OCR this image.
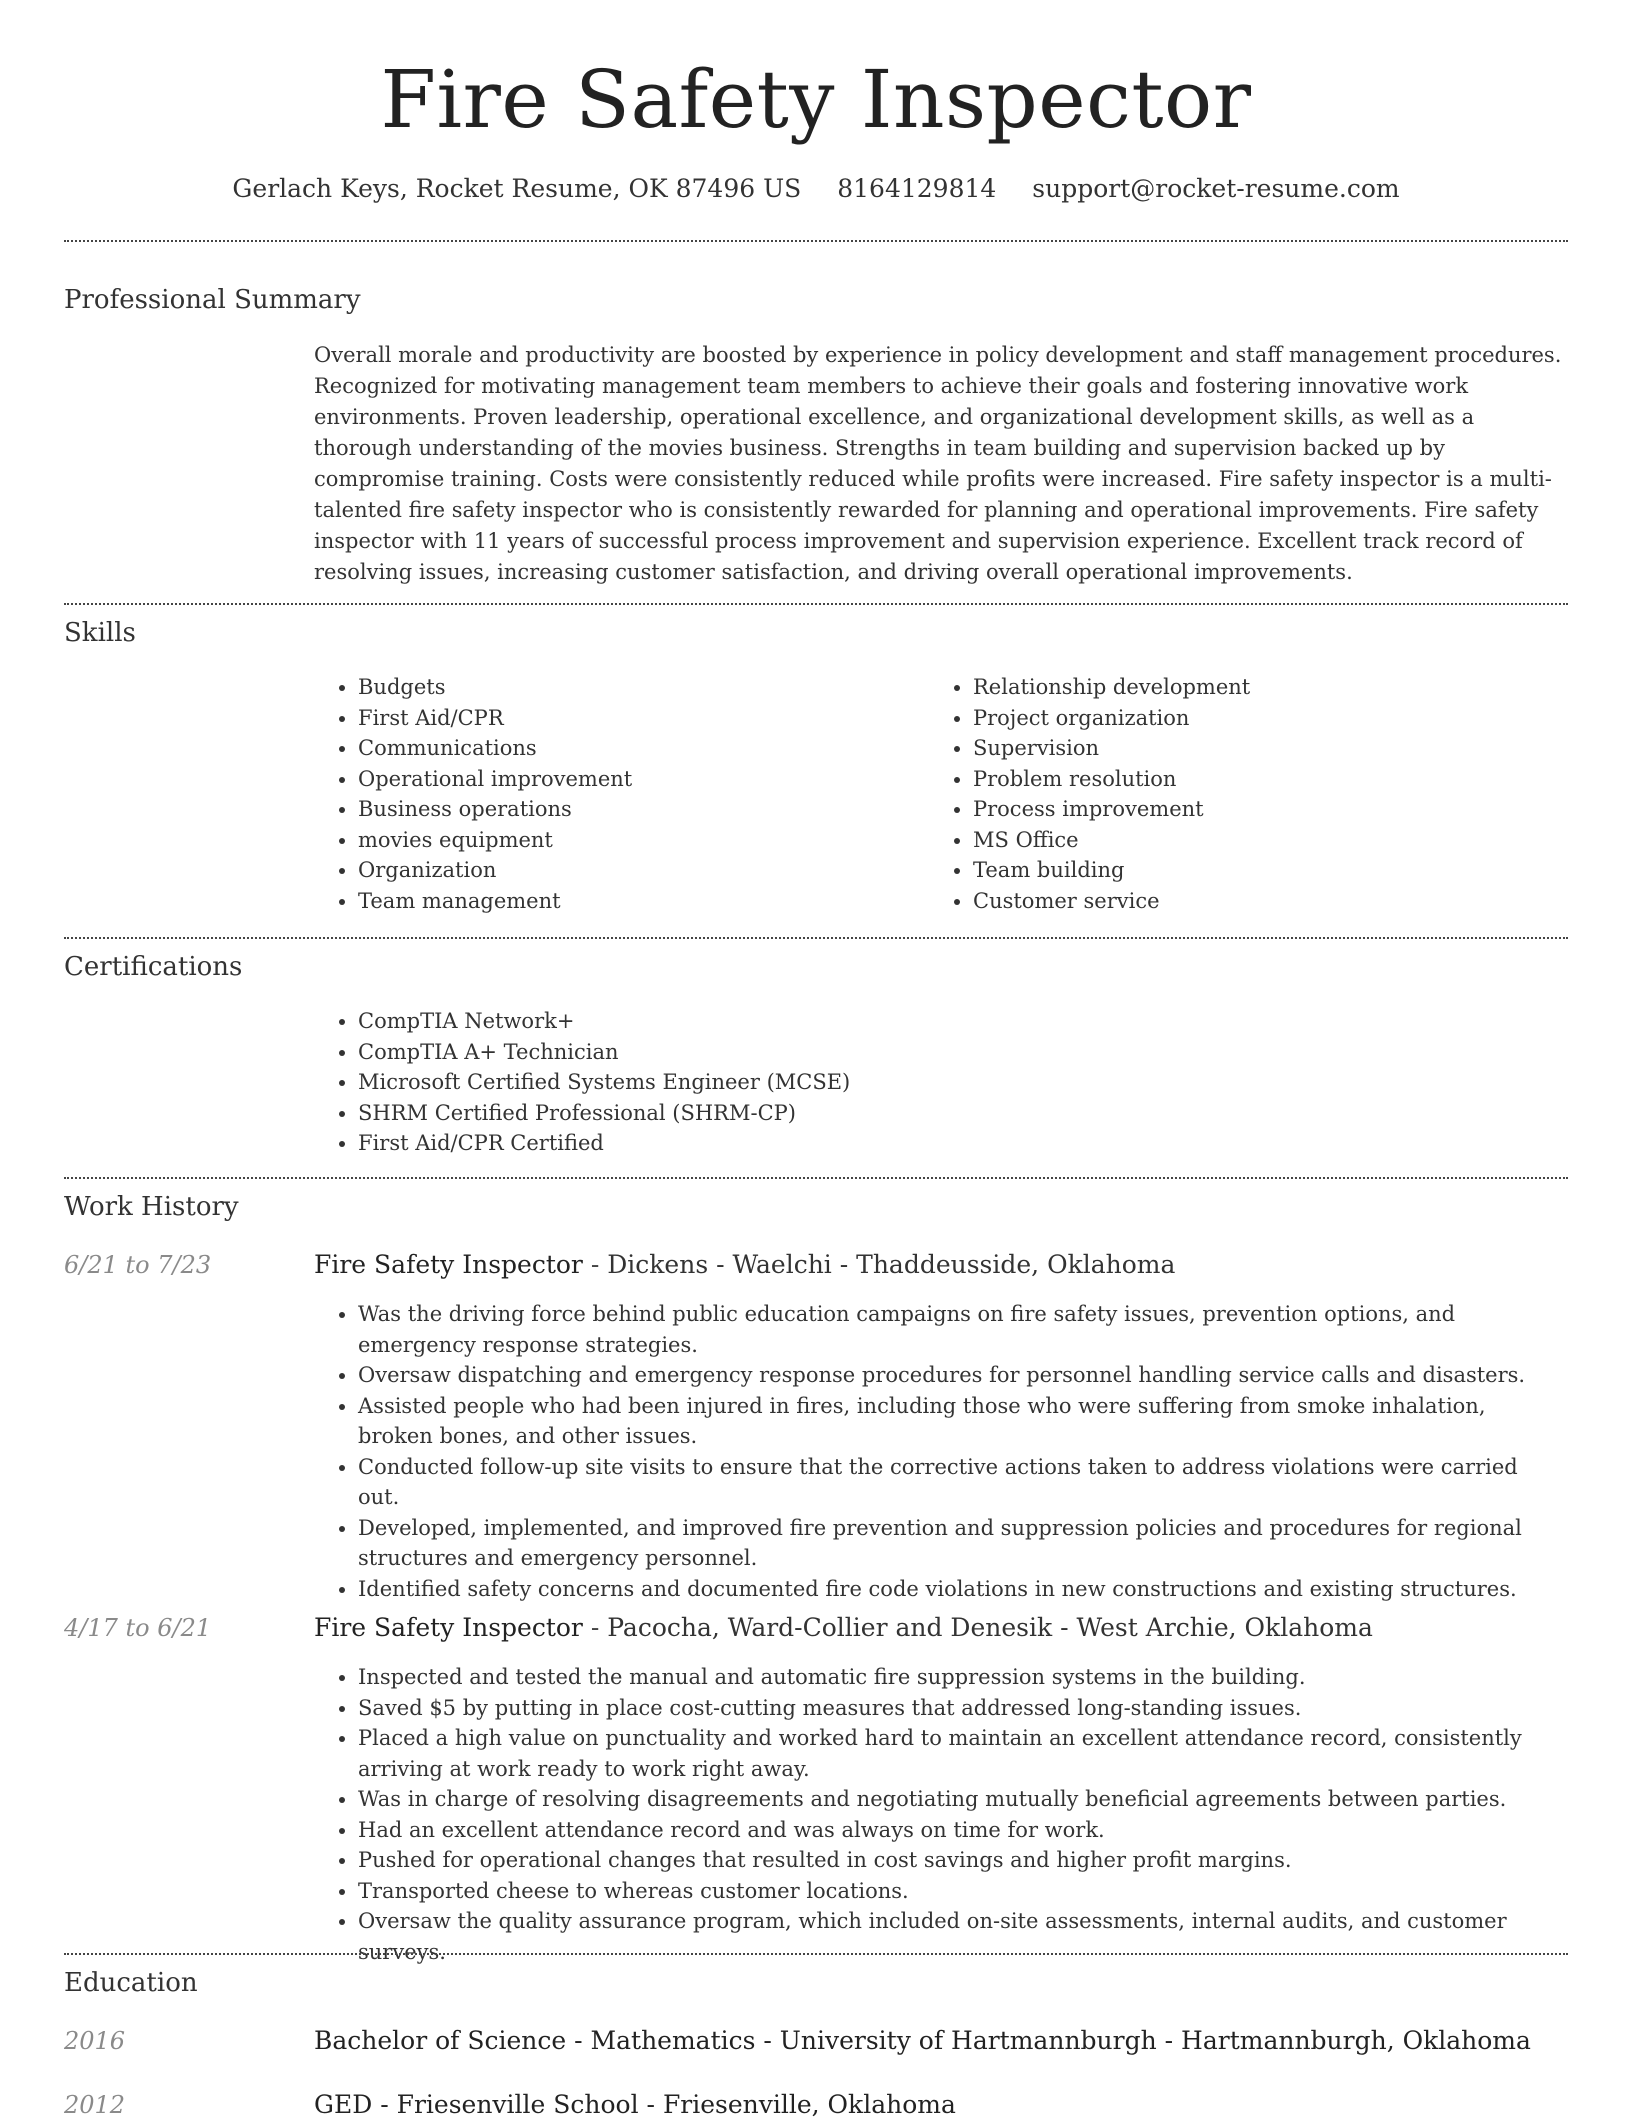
Fire Safety Inspector
Gerlach Keys, Rocket Resume, OK 87496 US 8164129814 support@rocket-resume.com
Professional Summary

Overall morale and productivity are boosted by experience in policy development and staff management procedures. Recognized for motivating management team members to achieve their goals and fostering innovative work environments. Proven leadership, operational excellence, and organizational development skills, as well as a thorough understanding of the movies business. Strengths in team building and supervision backed up by compromise training. Costs were consistently reduced while profits were increased. Fire safety inspector is a multi-talented fire safety inspector who is consistently rewarded for planning and operational improvements. Fire safety inspector with 11 years of successful process improvement and supervision experience. Excellent track record of resolving issues, increasing customer satisfaction, and driving overall operational improvements.

Skills
• Budgets
• First Aid/CPR
• Communications
• Operational improvement
• Business operations
• movies equipment
• Organization
• Team management
• Relationship development
• Project organization
• Supervision
• Problem resolution
• Process improvement
• MS Office
• Team building
• Customer service
Certifications
• CompTIA Network+
• CompTIA A+ Technician
• Microsoft Certified Systems Engineer (MCSE)
• SHRM Certified Professional (SHRM-CP)
• First Aid/CPR Certified
Work History
6/21 to 7/23	Fire Safety Inspector - Dickens - Waelchi - Thaddeusside, Oklahoma
• Was the driving force behind public education campaigns on fire safety issues, prevention options, and emergency response strategies.
• Oversaw dispatching and emergency response procedures for personnel handling service calls and disasters.
• Assisted people who had been injured in fires, including those who were suffering from smoke inhalation, broken bones, and other issues.
• Conducted follow-up site visits to ensure that the corrective actions taken to address violations were carried out.
• Developed, implemented, and improved fire prevention and suppression policies and procedures for regional structures and emergency personnel.
• Identified safety concerns and documented fire code violations in new constructions and existing structures.
4/17 to 6/21	Fire Safety Inspector - Pacocha, Ward-Collier and Denesik - West Archie, Oklahoma
• Inspected and tested the manual and automatic fire suppression systems in the building.
• Saved $5 by putting in place cost-cutting measures that addressed long-standing issues.
• Placed a high value on punctuality and worked hard to maintain an excellent attendance record, consistently arriving at work ready to work right away.
• Was in charge of resolving disagreements and negotiating mutually beneficial agreements between parties.
• Had an excellent attendance record and was always on time for work.
• Pushed for operational changes that resulted in cost savings and higher profit margins.
• Transported cheese to whereas customer locations.
• Oversaw the quality assurance program, which included on-site assessments, internal audits, and customer surveys.
Education
2016	Bachelor of Science - Mathematics - University of Hartmannburgh - Hartmannburgh, Oklahoma
2012	GED - Friesenville School - Friesenville, Oklahoma
